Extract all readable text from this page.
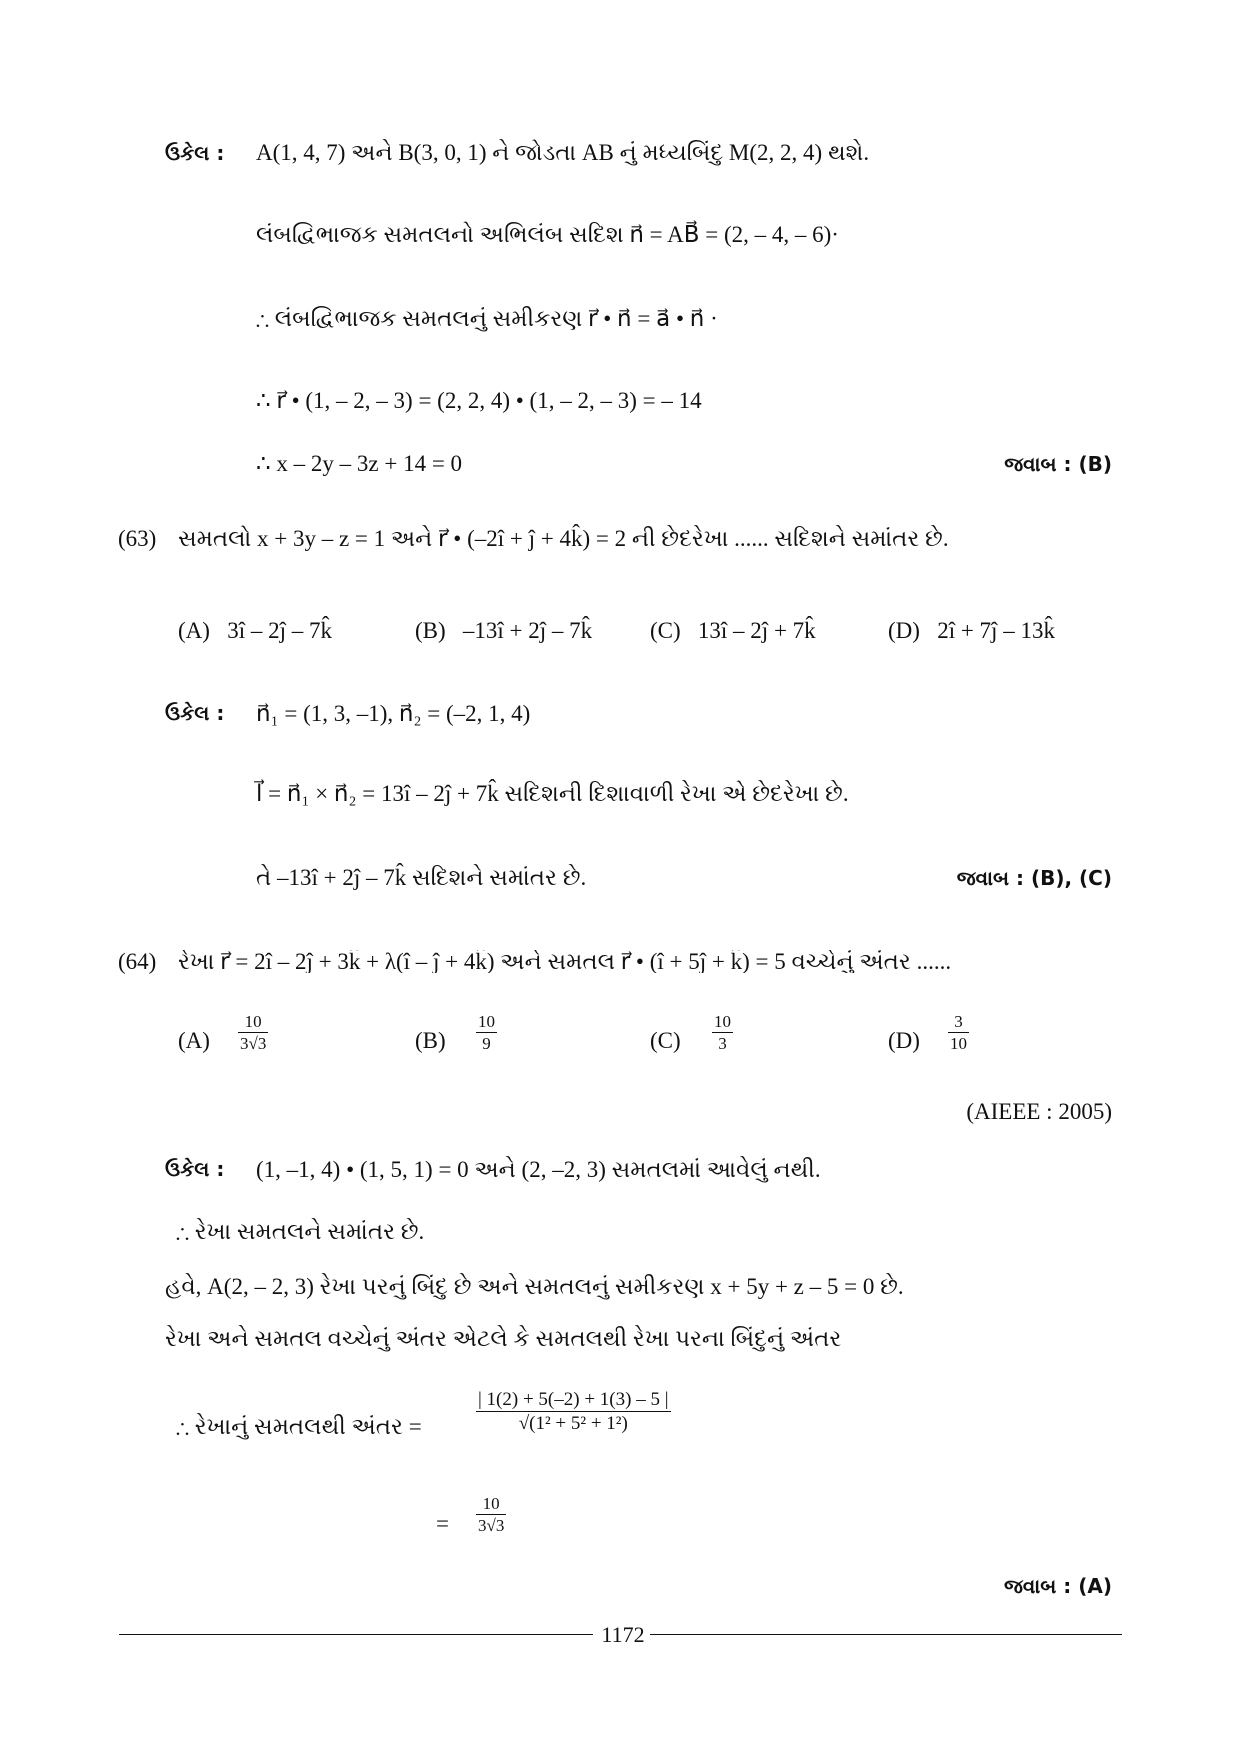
ઉકેલ : A(1, 4, 7) અને B(3, 0, 1) ને જોડતા AB નું મધ્યબિંદુ M(2, 2, 4) થશે.
લંબદ્વિભાજક સમતલનો અભિલંબ સદિશ n⃗ = AB⃗ = (2, – 4, – 6)·
∴ લંબદ્વિભાજક સમતલનું સમીકરણ r⃗ • n⃗ = a⃗ • n⃗ ·
∴ r⃗ • (1, – 2, – 3) = (2, 2, 4) • (1, – 2, – 3) = – 14
∴ x – 2y – 3z + 14 = 0	જવાબ : (B)
(63) સમતલો x + 3y – z = 1 અને r⃗ • (–2î + ĵ + 4k̂) = 2 ની છેદરેખા ...... સદિશને સમાંતર છે.
(A) 3î – 2ĵ – 7k̂	(B) –13î + 2ĵ – 7k̂	(C) 13î – 2ĵ + 7k̂	(D) 2î + 7ĵ – 13k̂
ઉકેલ : n⃗₁ = (1, 3, –1), n⃗₂ = (–2, 1, 4)
l⃗ = n⃗₁ × n⃗₂ = 13î – 2ĵ + 7k̂ સદિશની દિશાવાળી રેખા એ છેદરેખા છે.
તે –13î + 2ĵ – 7k̂ સદિશને સમાંતર છે.	જવાબ : (B), (C)
(64) રેખા r⃗ = 2î – 2ĵ + 3k̂ + λ(î – ĵ + 4k̂) અને સમતલ r⃗ • (î + 5ĵ + k̂) = 5 વચ્ચેનું અંતર ......
$(A) \frac{10}{3√3}$	$(B) \frac{10}{9}$	$(C) \frac{10}{3}$	$(D) \frac{3}{10}$
(AIEEE : 2005)
ઉકેલ : (1, –1, 4) • (1, 5, 1) = 0 અને (2, –2, 3) સમતલમાં આવેલું નથી.
∴ રેખા સમતલને સમાંતર છે.
હવે, A(2, – 2, 3) રેખા પરનું બિંદુ છે અને સમતલનું સમીકરણ x + 5y + z – 5 = 0 છે.
રેખા અને સમતલ વચ્ચેનું અંતર એટલે કે સમતલથી રેખા પરના બિંદુનું અંતર
∴ રેખાનું સમતલથી અંતર =	$\frac{| 1(2) + 5(-2) + 1(3) - 5 |}{\text{√(1² + 5² + 1²)}}$
= $\frac{10}{3√3}$
જવાબ : (A)
1172
